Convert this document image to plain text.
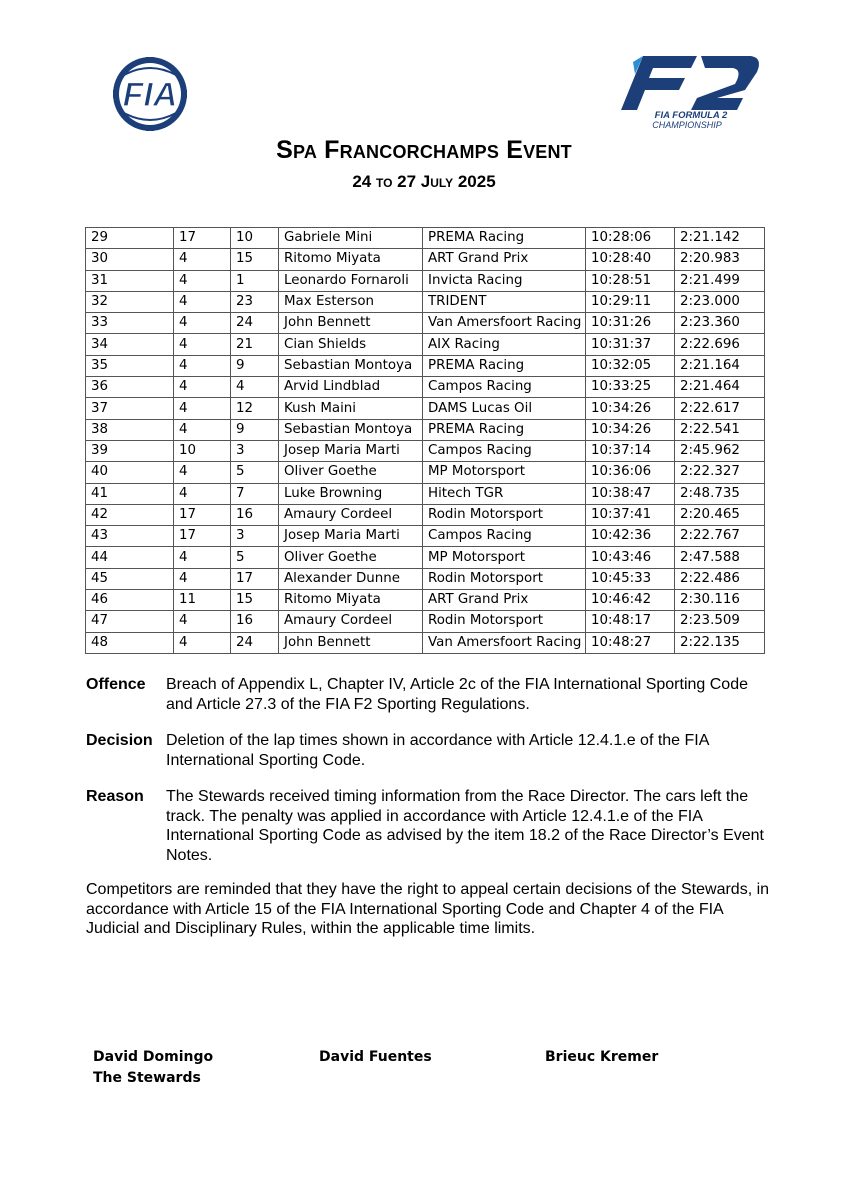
FIA
FIA FORMULA 2
CHAMPIONSHIP
Spa Francorchamps Event
24 to 27 July 2025
29	17	10	Gabriele Mini	PREMA Racing	10:28:06	2:21.142
30	4	15	Ritomo Miyata	ART Grand Prix	10:28:40	2:20.983
31	4	1	Leonardo Fornaroli	Invicta Racing	10:28:51	2:21.499
32	4	23	Max Esterson	TRIDENT	10:29:11	2:23.000
33	4	24	John Bennett	Van Amersfoort Racing	10:31:26	2:23.360
34	4	21	Cian Shields	AIX Racing	10:31:37	2:22.696
35	4	9	Sebastian Montoya	PREMA Racing	10:32:05	2:21.164
36	4	4	Arvid Lindblad	Campos Racing	10:33:25	2:21.464
37	4	12	Kush Maini	DAMS Lucas Oil	10:34:26	2:22.617
38	4	9	Sebastian Montoya	PREMA Racing	10:34:26	2:22.541
39	10	3	Josep Maria Marti	Campos Racing	10:37:14	2:45.962
40	4	5	Oliver Goethe	MP Motorsport	10:36:06	2:22.327
41	4	7	Luke Browning	Hitech TGR	10:38:47	2:48.735
42	17	16	Amaury Cordeel	Rodin Motorsport	10:37:41	2:20.465
43	17	3	Josep Maria Marti	Campos Racing	10:42:36	2:22.767
44	4	5	Oliver Goethe	MP Motorsport	10:43:46	2:47.588
45	4	17	Alexander Dunne	Rodin Motorsport	10:45:33	2:22.486
46	11	15	Ritomo Miyata	ART Grand Prix	10:46:42	2:30.116
47	4	16	Amaury Cordeel	Rodin Motorsport	10:48:17	2:23.509
48	4	24	John Bennett	Van Amersfoort Racing	10:48:27	2:22.135
Offence Breach of Appendix L, Chapter IV, Article 2c of the FIA International Sporting Code and Article 27.3 of the FIA F2 Sporting Regulations.
Decision Deletion of the lap times shown in accordance with Article 12.4.1.e of the FIA International Sporting Code.
Reason The Stewards received timing information from the Race Director. The cars left the track. The penalty was applied in accordance with Article 12.4.1.e of the FIA International Sporting Code as advised by the item 18.2 of the Race Director’s Event Notes.
Competitors are reminded that they have the right to appeal certain decisions of the Stewards, in accordance with Article 15 of the FIA International Sporting Code and Chapter 4 of the FIA Judicial and Disciplinary Rules, within the applicable time limits.
David Domingo
The Stewards
David Fuentes	Brieuc Kremer
